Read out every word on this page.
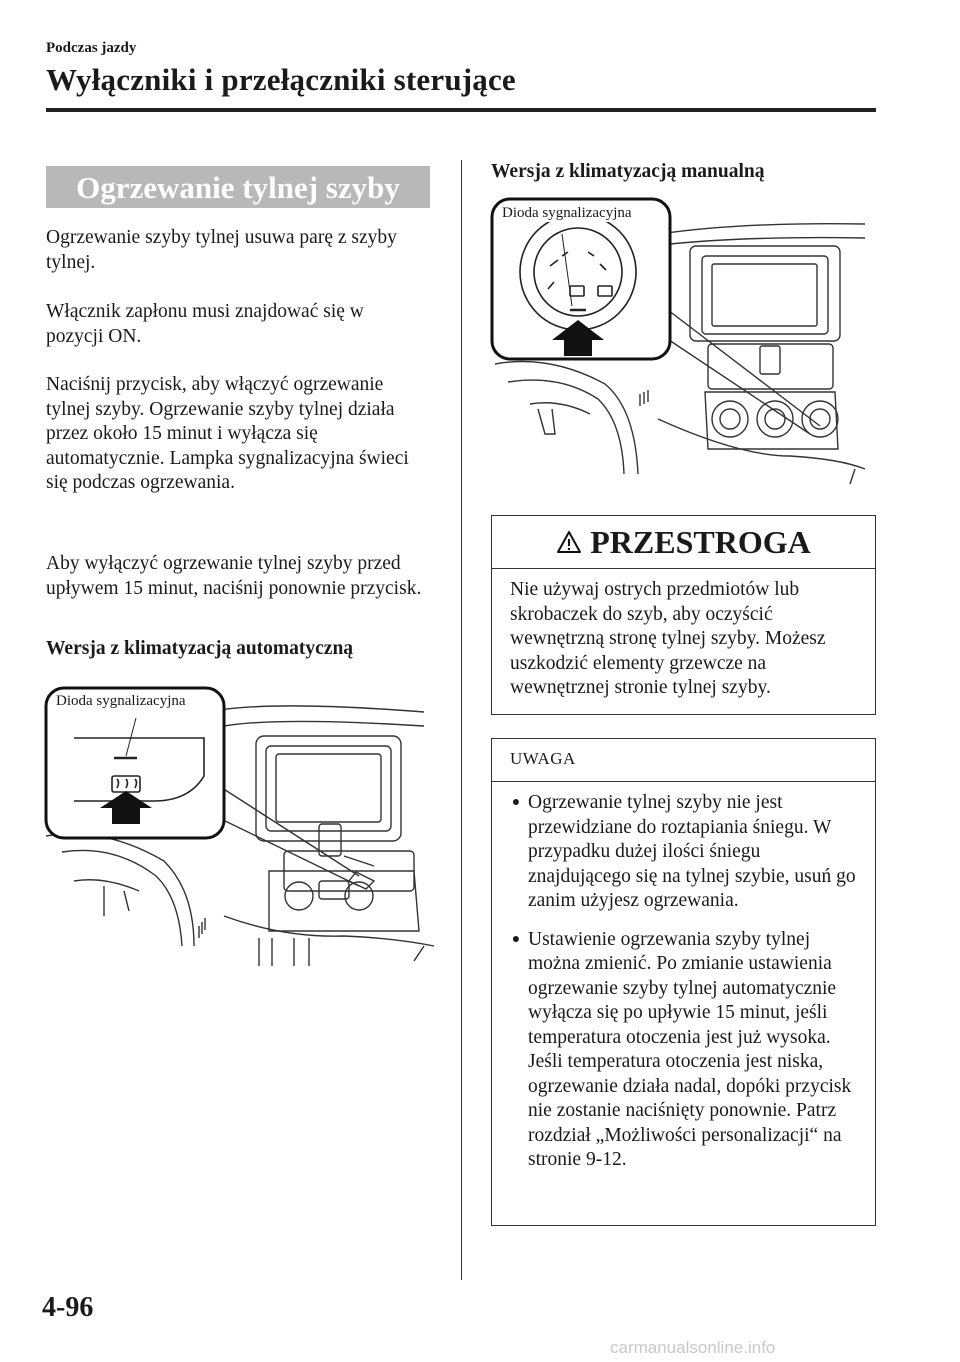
Podczas jazdy
Wyłączniki i przełączniki sterujące
Ogrzewanie tylnej szyby

Ogrzewanie szyby tylnej usuwa parę z szyby tylnej.

Włącznik zapłonu musi znajdować się w pozycji ON.

Naciśnij przycisk, aby włączyć ogrzewanie tylnej szyby. Ogrzewanie szyby tylnej działa przez około 15 minut i wyłącza się automatycznie. Lampka sygnalizacyjna świeci się podczas ogrzewania.

Aby wyłączyć ogrzewanie tylnej szyby przed upływem 15 minut, naciśnij ponownie przycisk.

Wersja z klimatyzacją automatyczną
Dioda sygnalizacyjna
Wersja z klimatyzacją manualną
Dioda sygnalizacyjna
PRZESTROGA
Nie używaj ostrych przedmiotów lub skrobaczek do szyb, aby oczyścić wewnętrzną stronę tylnej szyby. Możesz uszkodzić elementy grzewcze na wewnętrznej stronie tylnej szyby.
UWAGA
● Ogrzewanie tylnej szyby nie jest przewidziane do roztapiania śniegu. W przypadku dużej ilości śniegu znajdującego się na tylnej szybie, usuń go zanim użyjesz ogrzewania.
● Ustawienie ogrzewania szyby tylnej można zmienić. Po zmianie ustawienia ogrzewanie szyby tylnej automatycznie wyłącza się po upływie 15 minut, jeśli temperatura otoczenia jest już wysoka. Jeśli temperatura otoczenia jest niska, ogrzewanie działa nadal, dopóki przycisk nie zostanie naciśnięty ponownie. Patrz rozdział „Możliwości personalizacji“ na stronie 9-12.
4-96
carmanualsonline.info
